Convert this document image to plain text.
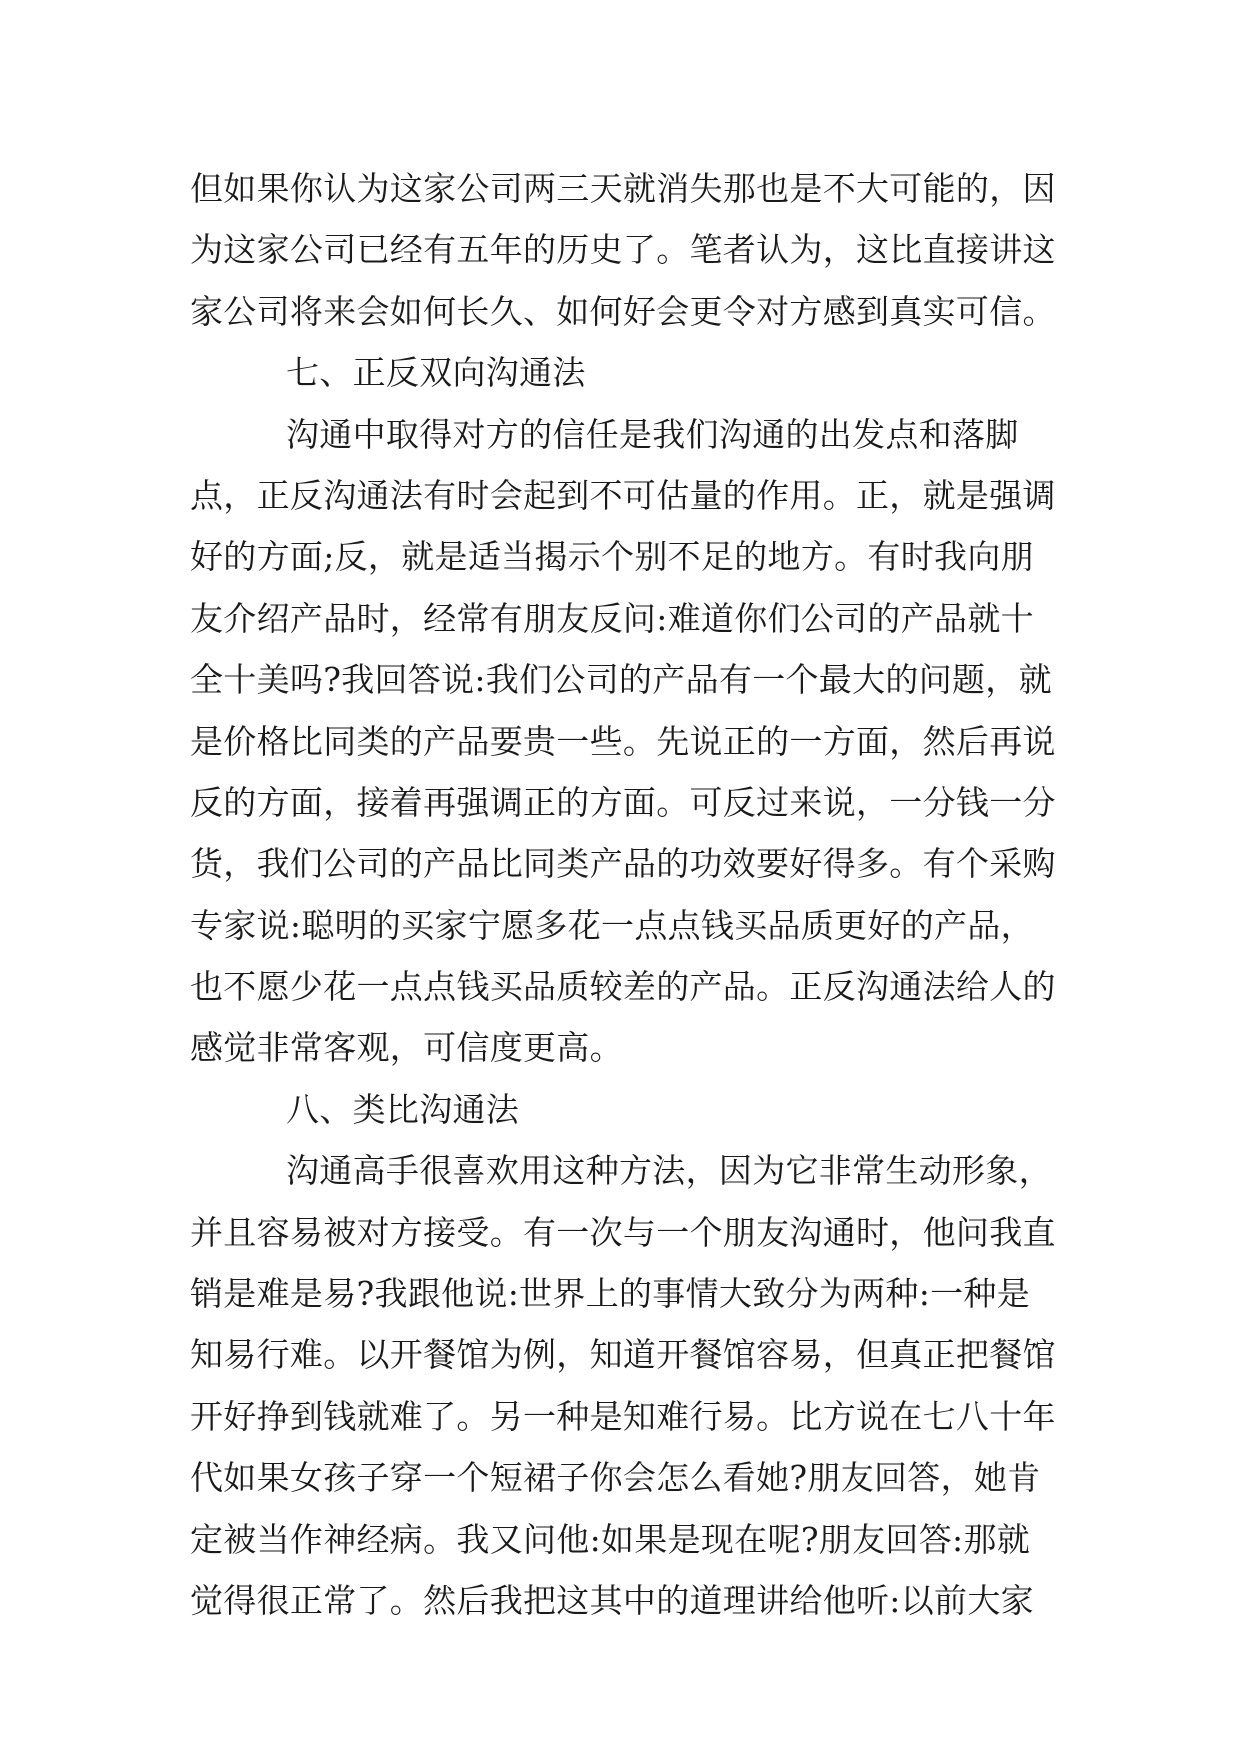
但如果你认为这家公司两三天就消失那也是不大可能的，因
为这家公司已经有五年的历史了。笔者认为，这比直接讲这
家公司将来会如何长久、如何好会更令对方感到真实可信。
七、正反双向沟通法
沟通中取得对方的信任是我们沟通的出发点和落脚
点，正反沟通法有时会起到不可估量的作用。正，就是强调
好的方面;反，就是适当揭示个别不足的地方。有时我向朋
友介绍产品时，经常有朋友反问:难道你们公司的产品就十
全十美吗?我回答说:我们公司的产品有一个最大的问题，就
是价格比同类的产品要贵一些。先说正的一方面，然后再说
反的方面，接着再强调正的方面。可反过来说，一分钱一分
货，我们公司的产品比同类产品的功效要好得多。有个采购
专家说:聪明的买家宁愿多花一点点钱买品质更好的产品，
也不愿少花一点点钱买品质较差的产品。正反沟通法给人的
感觉非常客观，可信度更高。
八、类比沟通法
沟通高手很喜欢用这种方法，因为它非常生动形象，
并且容易被对方接受。有一次与一个朋友沟通时，他问我直
销是难是易?我跟他说:世界上的事情大致分为两种:一种是
知易行难。以开餐馆为例，知道开餐馆容易，但真正把餐馆
开好挣到钱就难了。另一种是知难行易。比方说在七八十年
代如果女孩子穿一个短裙子你会怎么看她?朋友回答，她肯
定被当作神经病。我又问他:如果是现在呢?朋友回答:那就
觉得很正常了。然后我把这其中的道理讲给他听:以前大家
